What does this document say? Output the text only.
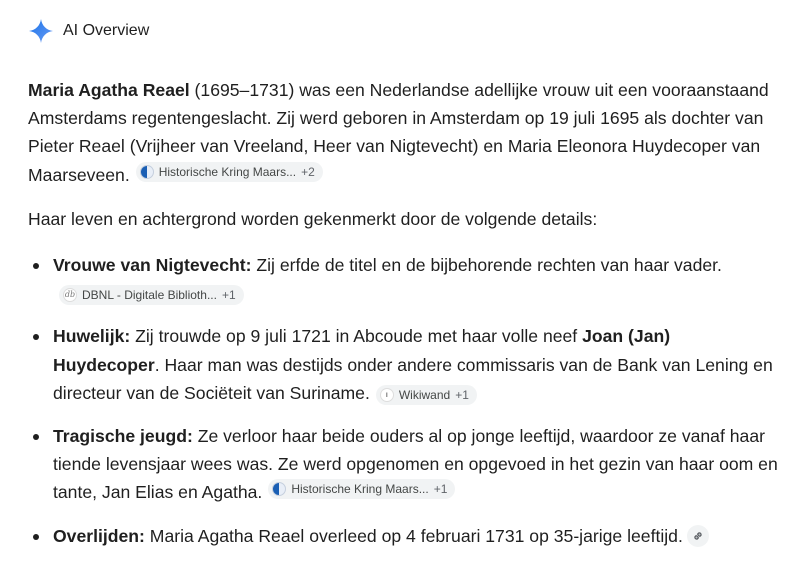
AI Overview

Maria Agatha Reael (1695–1731) was een Nederlandse adellijke vrouw uit een vooraanstaand Amsterdams regentengeslacht. Zij werd geboren in Amsterdam op 19 juli 1695 als dochter van Pieter Reael (Vrijheer van Vreeland, Heer van Nigtevecht) en Maria Eleonora Huydecoper van Maarseveen. Historische Kring Maars... +2

Haar leven en achtergrond worden gekenmerkt door de volgende details:

Vrouwe van Nigtevecht: Zij erfde de titel en de bijbehorende rechten van haar vader.
db DBNL - Digitale Biblioth... +1
Huwelijk: Zij trouwde op 9 juli 1721 in Abcoude met haar volle neef Joan (Jan) Huydecoper. Haar man was destijds onder andere commissaris van de Bank van Lening en directeur van de Sociëteit van Suriname.	ı Wikiwand +1
Tragische jeugd: Ze verloor haar beide ouders al op jonge leeftijd, waardoor ze vanaf haar tiende levensjaar wees was. Ze werd opgenomen en opgevoed in het gezin van haar oom en tante, Jan Elias en Agatha. Historische Kring Maars... +1
Overlijden: Maria Agatha Reael overleed op 4 februari 1731 op 35-jarige leeftijd.
